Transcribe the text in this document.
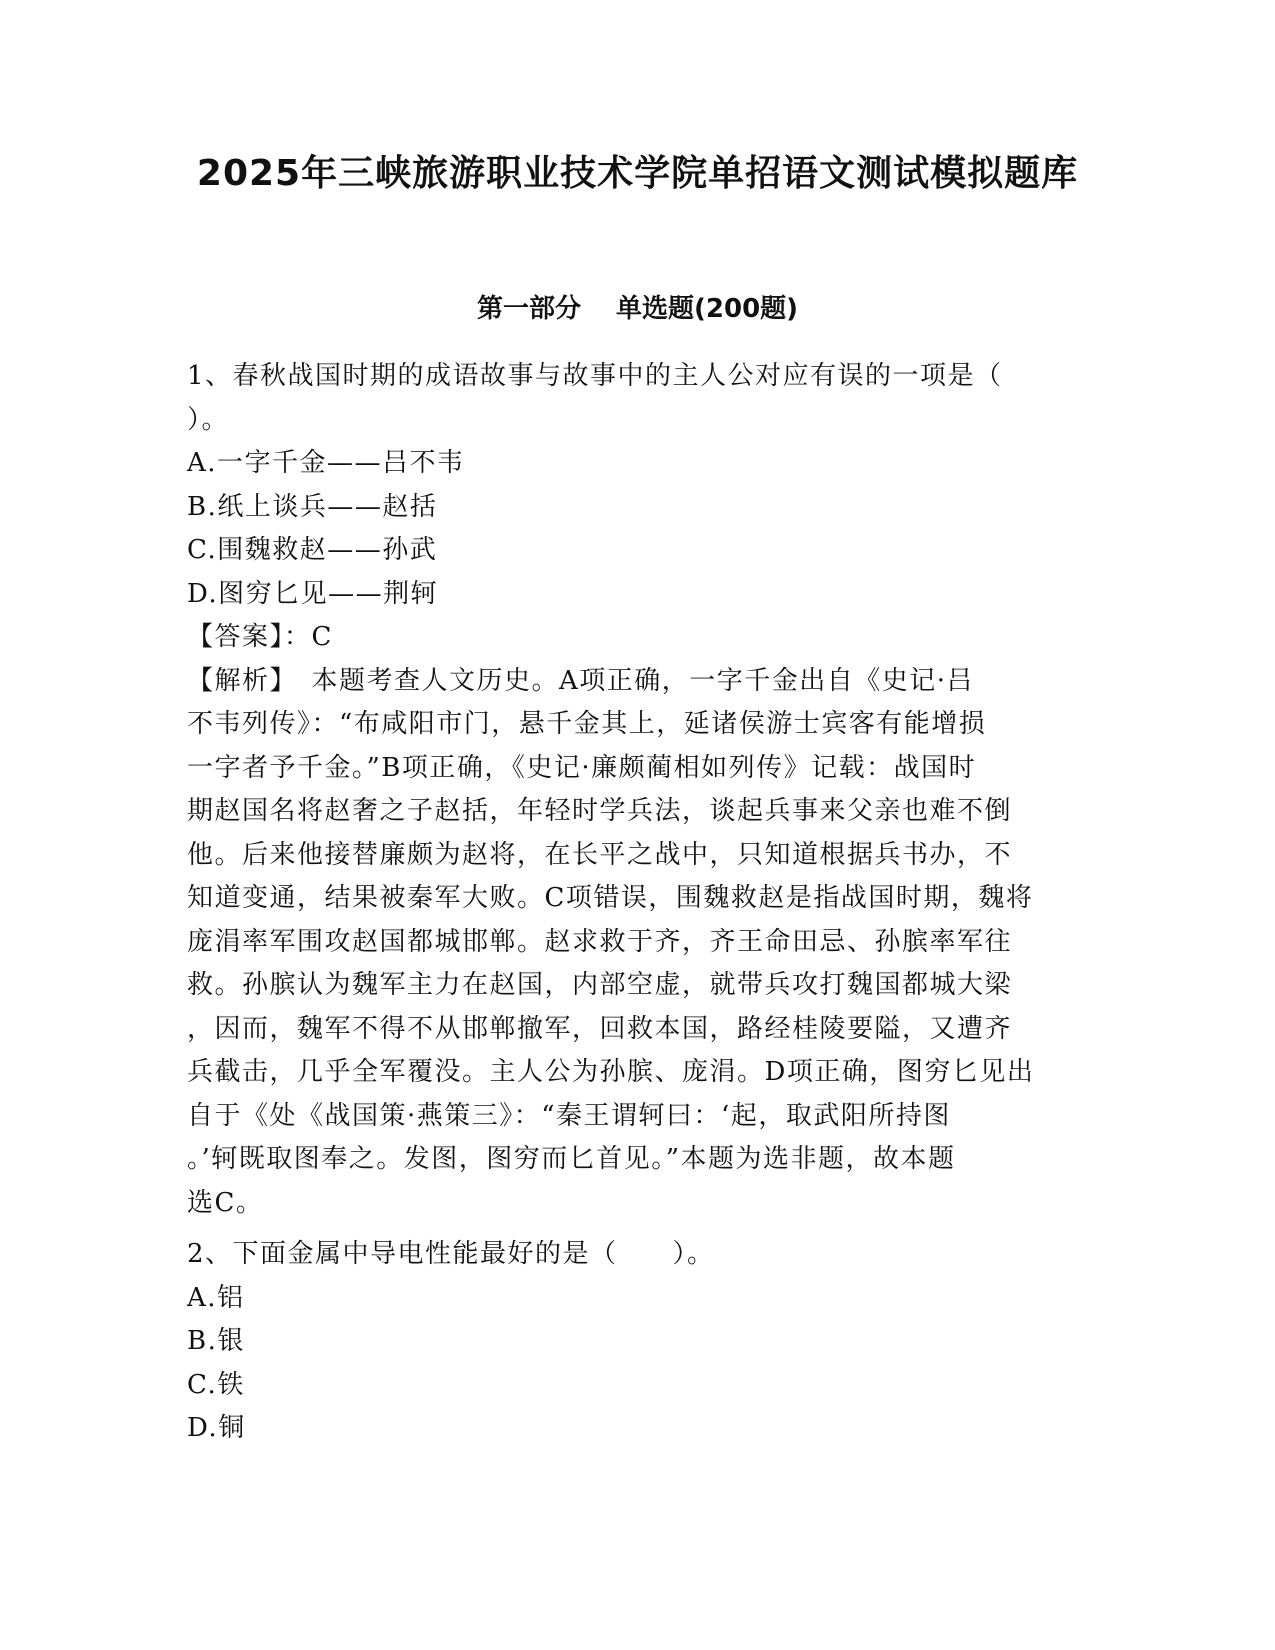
2025年三峡旅游职业技术学院单招语文测试模拟题库
第一部分　 单选题(200题)

1、春秋战国时期的成语故事与故事中的主人公对应有误的一项是（

）。

A.一字千金——吕不韦

B.纸上谈兵——赵括

C.围魏救赵——孙武

D.图穷匕见——荆轲

【答案】：C

【解析】　本题考查人文历史。A项正确，一字千金出自《史记·吕

不韦列传》：“布咸阳市门，悬千金其上，延诸侯游士宾客有能增损

一字者予千金。”B项正确，《史记·廉颇蔺相如列传》记载：战国时

期赵国名将赵奢之子赵括，年轻时学兵法，谈起兵事来父亲也难不倒

他。后来他接替廉颇为赵将，在长平之战中，只知道根据兵书办，不

知道变通，结果被秦军大败。C项错误，围魏救赵是指战国时期，魏将

庞涓率军围攻赵国都城邯郸。赵求救于齐，齐王命田忌、孙膑率军往

救。孙膑认为魏军主力在赵国，内部空虚，就带兵攻打魏国都城大梁

，因而，魏军不得不从邯郸撤军，回救本国，路经桂陵要隘，又遭齐

兵截击，几乎全军覆没。主人公为孙膑、庞涓。D项正确，图穷匕见出

自于《处《战国策·燕策三》：“秦王谓轲曰：‘起，取武阳所持图

。’轲既取图奉之。发图，图穷而匕首见。”本题为选非题，故本题

选C。

2、下面金属中导电性能最好的是（　　）。

A.铝

B.银

C.铁

D.铜
